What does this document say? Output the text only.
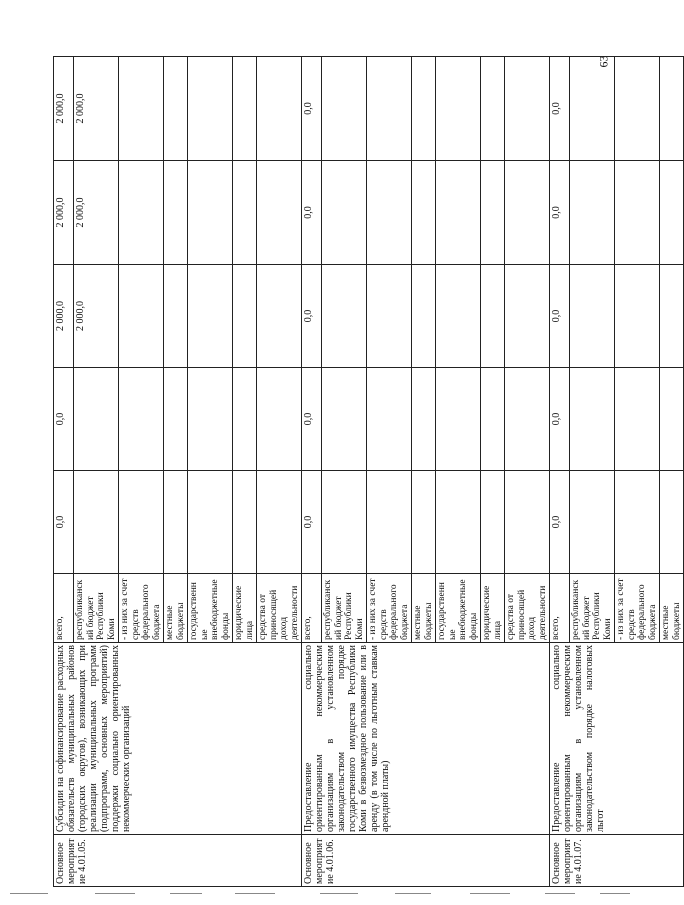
63
Основное мероприятие 4.01.05.	Субсидии на софинансирование расходных обязательств муниципальных районов (городских округов), возникающих при реализации муниципальных программ (подпрограмм, основных мероприятий) поддержки социально ориентированных некоммерческих организаций	всего,	0,0	0,0	2 000,0	2 000,0	2 000,0
		республиканский бюджет Республики Коми			2 000,0	2 000,0	2 000,0
		- из них за счет средств федерального бюджета					
		местные бюджеты					
		государственные внебюджетные фонды					
		юридические лица					
		средства от приносящей доход деятельности					
Основное мероприятие 4.01.06.	Предоставление социально ориентированным некоммерческим организациям в установленном законодательством порядке государственного имущества Республики Коми в безвозмездное пользование или в аренду (в том числе по льготным ставкам арендной платы)	всего,	0,0	0,0	0,0	0,0	0,0
		республиканский бюджет Республики Коми					
		- из них за счет средств федерального бюджета					
		местные бюджеты					
		государственные внебюджетные фонды					
		юридические лица					
		средства от приносящей доход деятельности					
Основное мероприятие 4.01.07.	Предоставление социально ориентированным некоммерческим организациям в установленном законодательством порядке налоговых льгот	всего,	0,0	0,0	0,0	0,0	0,0
		республиканский бюджет Республики Коми					
		- из них за счет средств федерального бюджета					
		местные бюджеты					
